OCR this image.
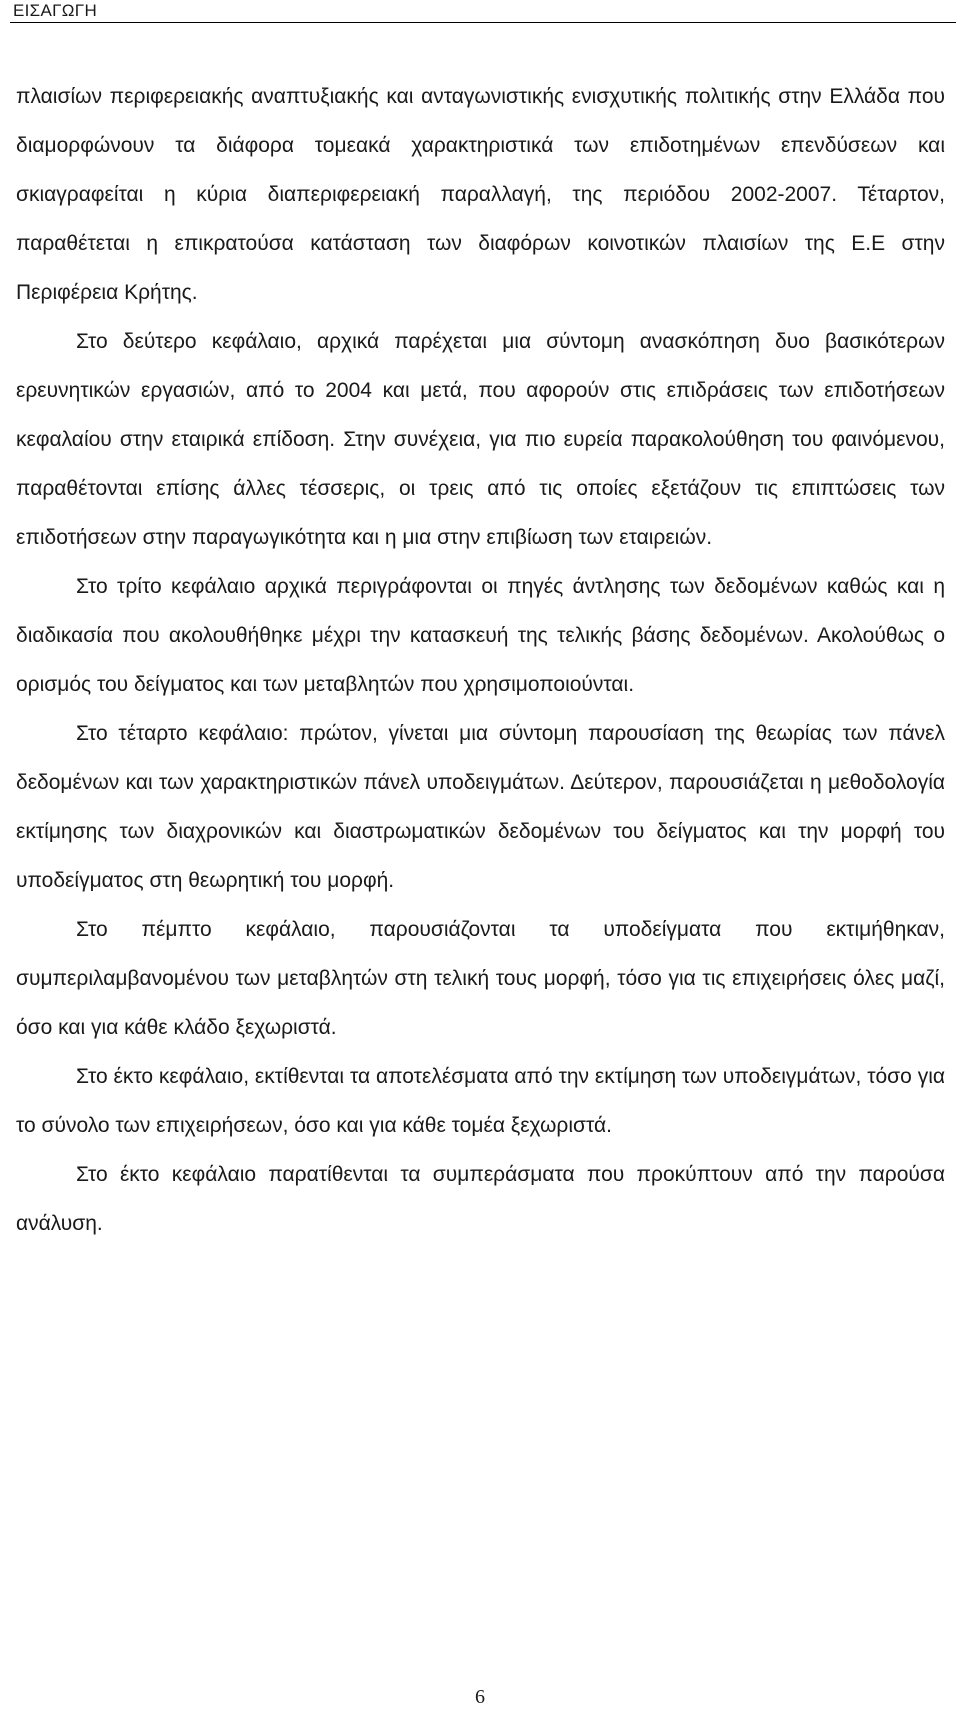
ΕΙΣΑΓΩΓΗ

πλαισίων περιφερειακής αναπτυξιακής και ανταγωνιστικής ενισχυτικής πολιτικής στην Ελλάδα που διαμορφώνουν τα διάφορα τομεακά χαρακτηριστικά των επιδοτημένων επενδύσεων και σκιαγραφείται η κύρια διαπεριφερειακή παραλλαγή, της περιόδου 2002-2007. Τέταρτον, παραθέτεται η επικρατούσα κατάσταση των διαφόρων κοινοτικών πλαισίων της Ε.Ε στην Περιφέρεια Κρήτης.

Στο δεύτερο κεφάλαιο, αρχικά παρέχεται μια σύντομη ανασκόπηση δυο βασικότερων ερευνητικών εργασιών, από το 2004 και μετά, που αφορούν στις επιδράσεις των επιδοτήσεων κεφαλαίου στην εταιρικά επίδοση. Στην συνέχεια, για πιο ευρεία παρακολούθηση του φαινόμενου, παραθέτονται επίσης άλλες τέσσερις, οι τρεις από τις οποίες εξετάζουν τις επιπτώσεις των επιδοτήσεων στην παραγωγικότητα και η μια στην επιβίωση των εταιρειών.

Στο τρίτο κεφάλαιο αρχικά περιγράφονται οι πηγές άντλησης των δεδομένων καθώς και η διαδικασία που ακολουθήθηκε μέχρι την κατασκευή της τελικής βάσης δεδομένων. Ακολούθως ο ορισμός του δείγματος και των μεταβλητών που χρησιμοποιούνται.

Στο τέταρτο κεφάλαιο: πρώτον, γίνεται μια σύντομη παρουσίαση της θεωρίας των πάνελ δεδομένων και των χαρακτηριστικών πάνελ υποδειγμάτων. Δεύτερον, παρουσιάζεται η μεθοδολογία εκτίμησης των διαχρονικών και διαστρωματικών δεδομένων του δείγματος και την μορφή του υποδείγματος στη θεωρητική του μορφή.

Στο πέμπτο κεφάλαιο, παρουσιάζονται τα υποδείγματα που εκτιμήθηκαν, συμπεριλαμβανομένου των μεταβλητών στη τελική τους μορφή, τόσο για τις επιχειρήσεις όλες μαζί, όσο και για κάθε κλάδο ξεχωριστά.

Στο έκτο κεφάλαιο, εκτίθενται τα αποτελέσματα από την εκτίμηση των υποδειγμάτων, τόσο για το σύνολο των επιχειρήσεων, όσο και για κάθε τομέα ξεχωριστά.

Στο έκτο κεφάλαιο παρατίθενται τα συμπεράσματα που προκύπτουν από την παρούσα ανάλυση.

6
